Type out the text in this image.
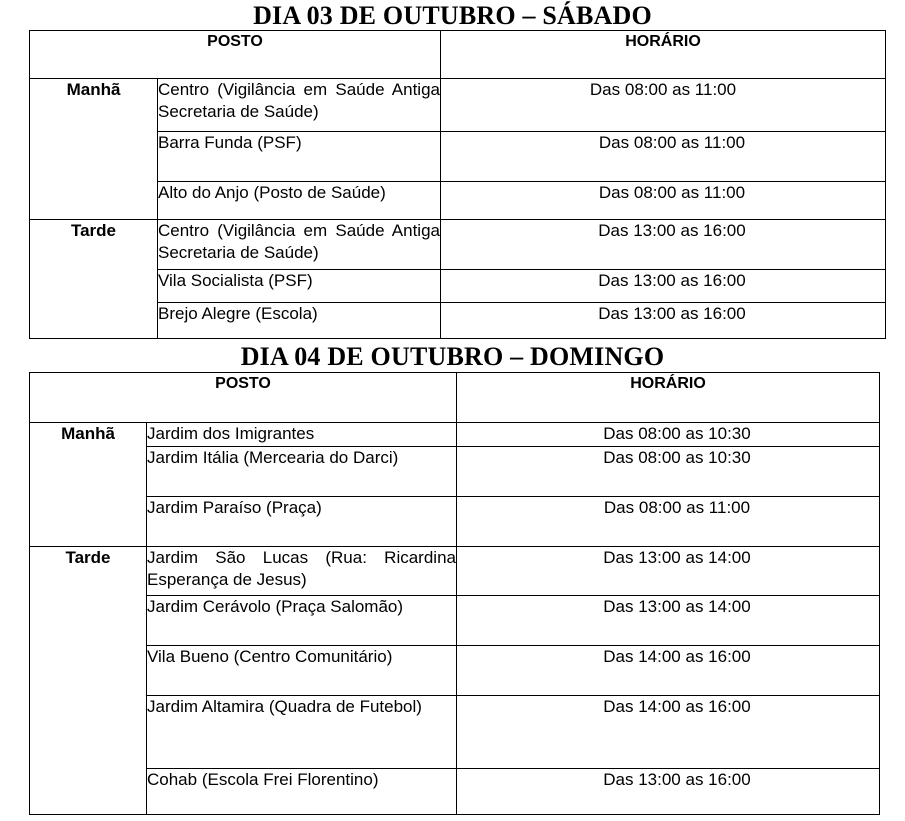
DIA 03 DE OUTUBRO – SÁBADO
POSTO		HORÁRIO
Manhã	Centro (Vigilância em Saúde Antiga Secretaria de Saúde)	Das 08:00 as 11:00
	Barra Funda (PSF)	Das 08:00 as 11:00
	Alto do Anjo (Posto de Saúde)	Das 08:00 as 11:00
Tarde	Centro (Vigilância em Saúde Antiga Secretaria de Saúde)	Das 13:00 as 16:00
	Vila Socialista (PSF)	Das 13:00 as 16:00
	Brejo Alegre (Escola)	Das 13:00 as 16:00
DIA 04 DE OUTUBRO – DOMINGO
POSTO		HORÁRIO
Manhã	Jardim dos Imigrantes	Das 08:00 as 10:30
	Jardim Itália (Mercearia do Darci)	Das 08:00 as 10:30
	Jardim Paraíso (Praça)	Das 08:00 as 11:00
Tarde	Jardim São Lucas (Rua: Ricardina Esperança de Jesus)	Das 13:00 as 14:00
	Jardim Cerávolo (Praça Salomão)	Das 13:00 as 14:00
	Vila Bueno (Centro Comunitário)	Das 14:00 as 16:00
	Jardim Altamira (Quadra de Futebol)	Das 14:00 as 16:00
	Cohab (Escola Frei Florentino)	Das 13:00 as 16:00
